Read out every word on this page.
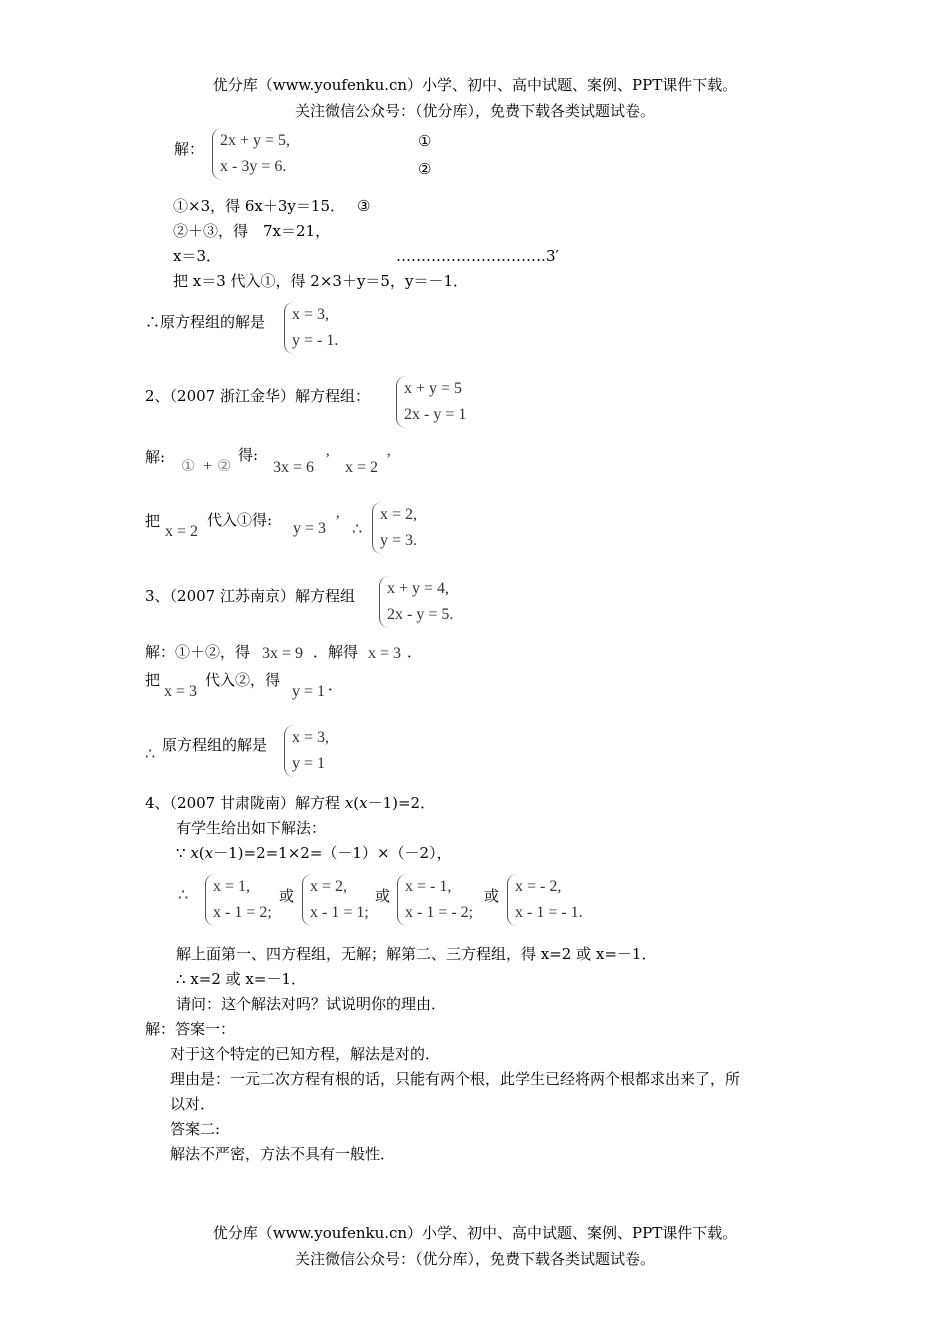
优分库（www.youfenku.cn）小学、初中、高中试题、案例、PPT课件下载。
关注微信公众号：（优分库），免费下载各类试题试卷。
解： 2x + y = 5,
x - 3y = 6.
①
②
①×3，得 6x＋3y＝15． ③
②＋③，得　7x＝21，
x＝3．	…………………………3′
把 x＝3 代入①，得 2×3＋y＝5，y＝－1．
∴原方程组的解是 x = 3,
y = - 1.
2、（2007 浙江金华）解方程组： x + y = 5
2x - y = 1
解:
① + ②
得:
3x = 6 ’ x = 2 ’
把
x = 2
代入①得: y = 3 ’ ∴
x = 2,
y = 3.
3、（2007 江苏南京）解方程组 x + y = 4,
2x - y = 5.
解：①＋②，得 3x = 9 ．解得 x = 3 ．
把
x = 3
代入②，得
y = 1 ．
∴
原方程组的解是 x = 3,
y = 1
4、（2007 甘肃陇南）解方程 x(x－1)=2．
有学生给出如下解法：
∵ x(x－1)=2=1×2=（－1）×（－2），
∴
x = 1,
x - 1 = 2;
或
x = 2,
x - 1 = 1;
或
x = - 1,
x - 1 = - 2;
或
x = - 2,
x - 1 = - 1.
解上面第一、四方程组，无解；解第二、三方程组，得 x=2 或 x=－1．
∴ x=2 或 x=－1．
请问：这个解法对吗？试说明你的理由．
解：答案一：
对于这个特定的已知方程，解法是对的．
理由是：一元二次方程有根的话，只能有两个根，此学生已经将两个根都求出来了，所
以对．
答案二:
解法不严密，方法不具有一般性．
优分库（www.youfenku.cn）小学、初中、高中试题、案例、PPT课件下载。
关注微信公众号：（优分库），免费下载各类试题试卷。
